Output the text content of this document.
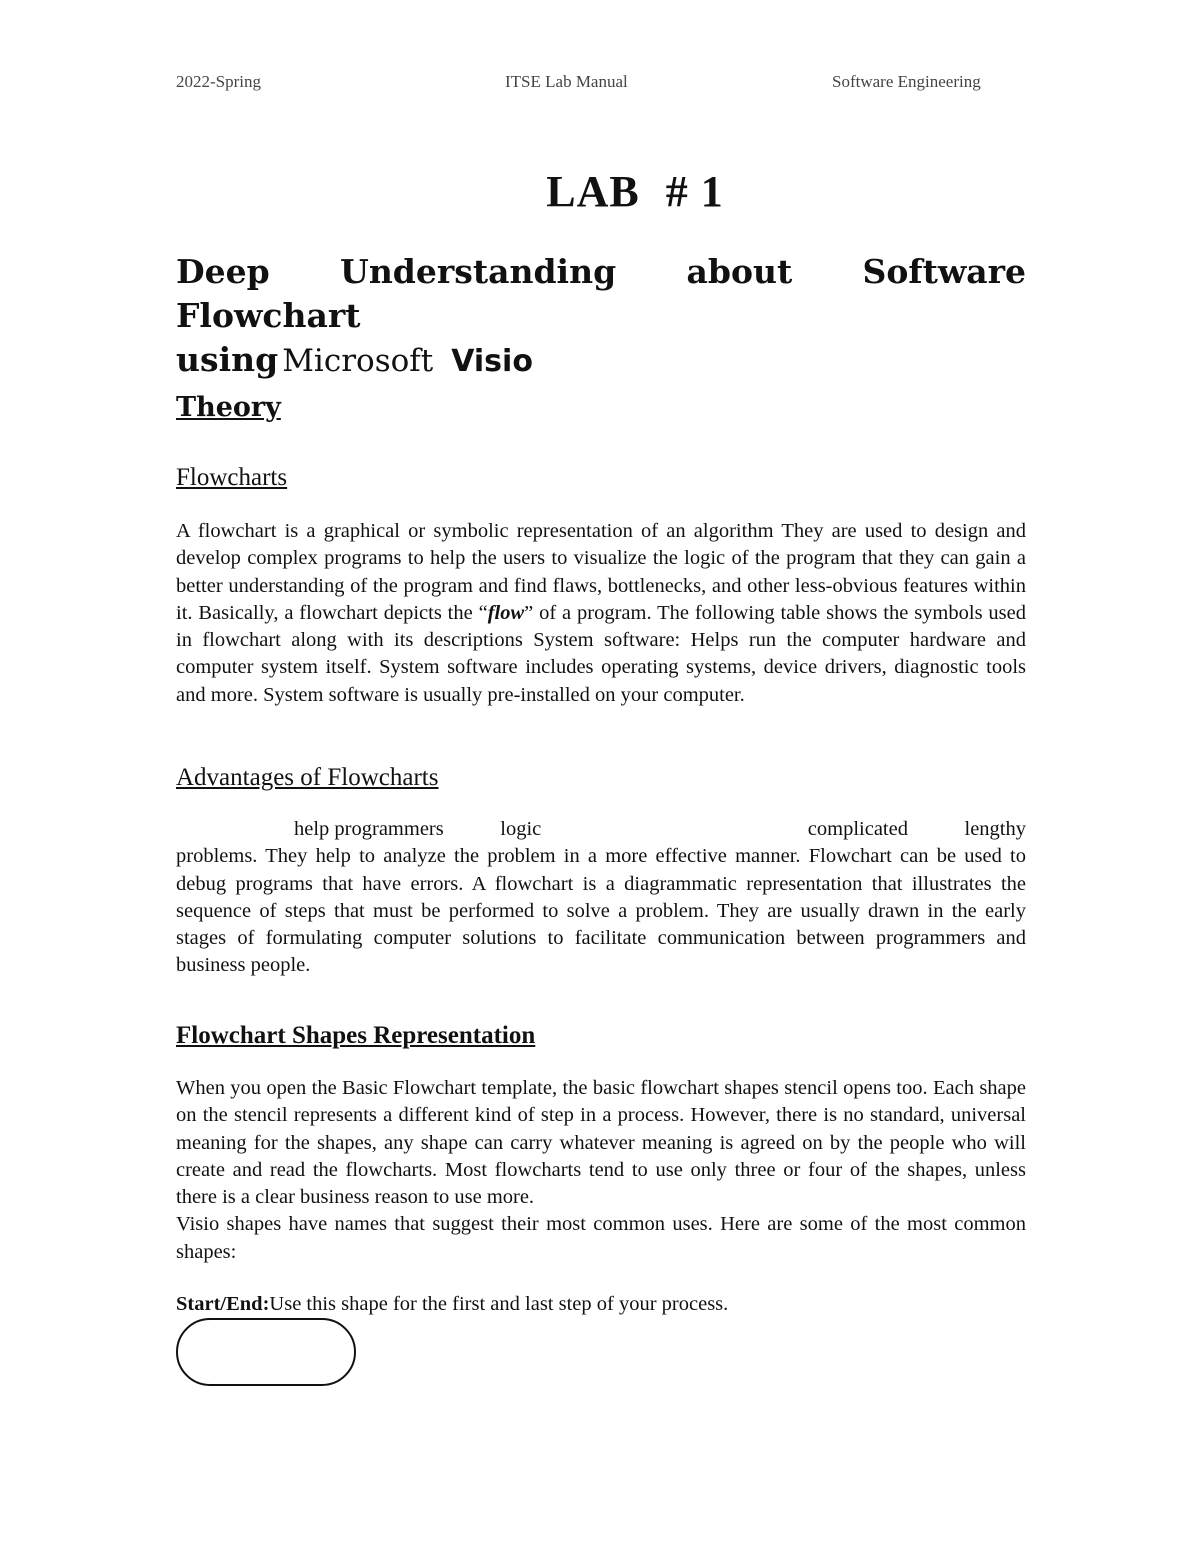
2022-Spring	ITSE Lab Manual	Software Engineering
LAB # 1
Deep Understanding about Software Flowchart
using Microsoft Visio
Theory
Flowcharts
A flowchart is a graphical or symbolic representation of an algorithm They are used to design and develop complex programs to help the users to visualize the logic of the program that they can gain a better understanding of the program and find flaws, bottlenecks, and other less-obvious features within it. Basically, a flowchart depicts the “flow” of a program. The following table shows the symbols used in flowchart along with its descriptions System software: Helps run the computer hardware and computer system itself. System software includes operating systems, device drivers, diagnostic tools and more. System software is usually pre-installed on your computer.
Advantages of Flowcharts
help programmers	logic	complicated	lengthy
problems. They help to analyze the problem in a more effective manner. Flowchart can be used to debug programs that have errors. A flowchart is a diagrammatic representation that illustrates the sequence of steps that must be performed to solve a problem. They are usually drawn in the early stages of formulating computer solutions to facilitate communication between programmers and business people.
Flowchart Shapes Representation
When you open the Basic Flowchart template, the basic flowchart shapes stencil opens too. Each shape on the stencil represents a different kind of step in a process. However, there is no standard, universal meaning for the shapes, any shape can carry whatever meaning is agreed on by the people who will create and read the flowcharts. Most flowcharts tend to use only three or four of the shapes, unless there is a clear business reason to use more.
Visio shapes have names that suggest their most common uses. Here are some of the most common shapes:
Start/End:Use this shape for the first and last step of your process.
